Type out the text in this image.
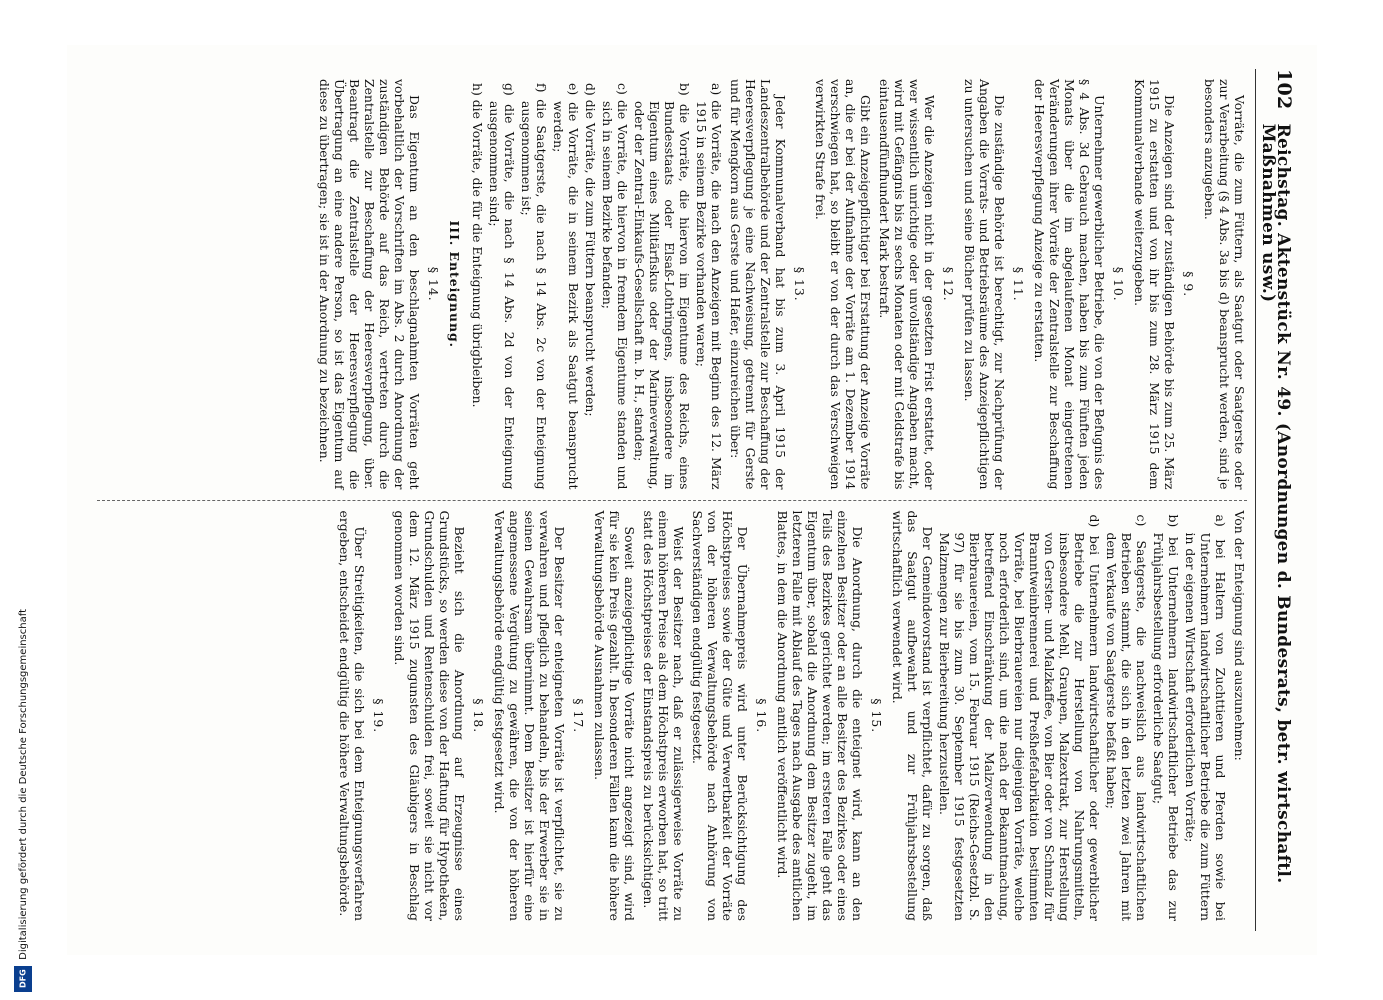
102
Reichstag. Aktenstück Nr. 49. (Anordnungen d. Bundesrats, betr. wirtschaftl. Maßnahmen usw.)

Vorräte, die zum Füttern, als Saatgut oder Saatgerste oder zur Verarbeitung (§ 4 Abs. 3a bis d) beansprucht werden, sind je besonders anzugeben.

§ 9.

Die Anzeigen sind der zuständigen Behörde bis zum 25. März 1915 zu erstatten und von ihr bis zum 28. März 1915 dem Kommunalverbande weiterzugeben.

§ 10.

Unternehmer gewerblicher Betriebe, die von der Befugnis des § 4 Abs. 3d Gebrauch machen, haben bis zum Fünften jeden Monats über die im abgelaufenen Monat eingetretenen Veränderungen ihrer Vorräte der Zentralstelle zur Beschaffung der Heeresverpflegung Anzeige zu erstatten.

§ 11.

Die zuständige Behörde ist berechtigt, zur Nachprüfung der Angaben die Vorrats- und Betriebsräume des Anzeigepflichtigen zu untersuchen und seine Bücher prüfen zu lassen.

§ 12.

Wer die Anzeigen nicht in der gesetzten Frist erstattet, oder wer wissentlich unrichtige oder unvollständige Angaben macht, wird mit Gefängnis bis zu sechs Monaten oder mit Geldstrafe bis eintausendfünfhundert Mark bestraft.

Gibt ein Anzeigepflichtiger bei Erstattung der Anzeige Vorräte an, die er bei der Aufnahme der Vorräte am 1. Dezember 1914 verschwiegen hat, so bleibt er von der durch das Verschweigen verwirkten Strafe frei.

§ 13.

Jeder Kommunalverband hat bis zum 3. April 1915 der Landeszentralbehörde und der Zentralstelle zur Beschaffung der Heeresverpflegung je eine Nachweisung, getrennt für Gerste und für Mengkorn aus Gerste und Hafer, einzureichen über:

a) die Vorräte, die nach den Anzeigen mit Beginn des 12. März 1915 in seinem Bezirke vorhanden waren;
b) die Vorräte, die hiervon im Eigentume des Reichs, eines Bundesstaats oder Elsaß-Lothringens, insbesondere im Eigentum eines Militärfiskus oder der Marineverwaltung, oder der Zentral-Einkaufs-Gesellschaft m. b. H., standen;
c) die Vorräte, die hiervon in fremdem Eigentume standen und sich in seinem Bezirke befanden;
d) die Vorräte, die zum Füttern beansprucht werden;
e) die Vorräte, die in seinem Bezirk als Saatgut beansprucht werden;
f) die Saatgerste, die nach § 14 Abs. 2c von der Enteignung ausgenommen ist;
g) die Vorräte, die nach § 14 Abs. 2d von der Enteignung ausgenommen sind;
h) die Vorräte, die für die Enteignung übrigbleiben.
III. Enteignung.
§ 14.

Das Eigentum an den beschlagnahmten Vorräten geht vorbehaltlich der Vorschriften im Abs. 2 durch Anordnung der zuständigen Behörde auf das Reich, vertreten durch die Zentralstelle zur Beschaffung der Heeresverpflegung, über. Beantragt die Zentralstelle der Heeresverpflegung die Übertragung an eine andere Person, so ist das Eigentum auf diese zu übertragen; sie ist in der Anordnung zu bezeichnen.

Von der Enteignung sind auszunehmen:

a) bei Haltern von Zuchttieren und Pferden sowie bei Unternehmern landwirtschaftlicher Betriebe die zum Füttern in der eigenen Wirtschaft erforderlichen Vorräte;
b) bei Unternehmern landwirtschaftlicher Betriebe das zur Frühjahrsbestellung erforderliche Saatgut;
c) Saatgerste, die nachweislich aus landwirtschaftlichen Betrieben stammt, die sich in den letzten zwei Jahren mit dem Verkaufe von Saatgerste befaßt haben;
d) bei Unternehmern landwirtschaftlicher oder gewerblicher Betriebe die zur Herstellung von Nahrungsmitteln, insbesondere Mehl, Graupen, Malzextrakt, zur Herstellung von Gersten- und Malzkaffee, von Bier oder von Schmalz für Branntweinbrennerei und Preßhefefabrikation bestimmten Vorräte, bei Bierbrauereien nur diejenigen Vorräte, welche noch erforderlich sind, um die nach der Bekanntmachung, betreffend Einschränkung der Malzverwendung in den Bierbrauereien, vom 15. Februar 1915 (Reichs-Gesetzbl. S. 97) für sie bis zum 30. September 1915 festgesetzten Malzmengen zur Bierbereitung herzustellen.

Der Gemeindevorstand ist verpflichtet, dafür zu sorgen, daß das Saatgut aufbewahrt und zur Frühjahrsbestellung wirtschaftlich verwendet wird.

§ 15.

Die Anordnung, durch die enteignet wird, kann an den einzelnen Besitzer oder an alle Besitzer des Bezirkes oder eines Teils des Bezirkes gerichtet werden; im ersteren Falle geht das Eigentum über, sobald die Anordnung dem Besitzer zugeht, im letzteren Falle mit Ablauf des Tages nach Ausgabe des amtlichen Blattes, in dem die Anordnung amtlich veröffentlicht wird.

§ 16.

Der Übernahmepreis wird unter Berücksichtigung des Höchstpreises sowie der Güte und Verwertbarkeit der Vorräte von der höheren Verwaltungsbehörde nach Anhörung von Sachverständigen endgültig festgesetzt.

Weist der Besitzer nach, daß er zulässigerweise Vorräte zu einem höheren Preise als dem Höchstpreis erworben hat, so tritt statt des Höchstpreises der Einstandspreis zu berücksichtigen.

Soweit anzeigepflichtige Vorräte nicht angezeigt sind, wird für sie kein Preis gezahlt. In besonderen Fällen kann die höhere Verwaltungsbehörde Ausnahmen zulassen.

§ 17.

Der Besitzer der enteigneten Vorräte ist verpflichtet, sie zu verwahren und pfleglich zu behandeln, bis der Erwerber sie in seinen Gewahrsam übernimmt. Dem Besitzer ist hierfür eine angemessene Vergütung zu gewähren, die von der höheren Verwaltungsbehörde endgültig festgesetzt wird.

§ 18.

Bezieht sich die Anordnung auf Erzeugnisse eines Grundstücks, so werden diese von der Haftung für Hypotheken, Grundschulden und Rentenschulden frei, soweit sie nicht vor dem 12. März 1915 zugunsten des Gläubigers in Beschlag genommen worden sind.

§ 19.

Über Streitigkeiten, die sich bei dem Enteignungsverfahren ergeben, entscheidet endgültig die höhere Verwaltungsbehörde.

Digitalisierung gefördert durch die Deutsche Forschungsgemeinschaft
DFG
